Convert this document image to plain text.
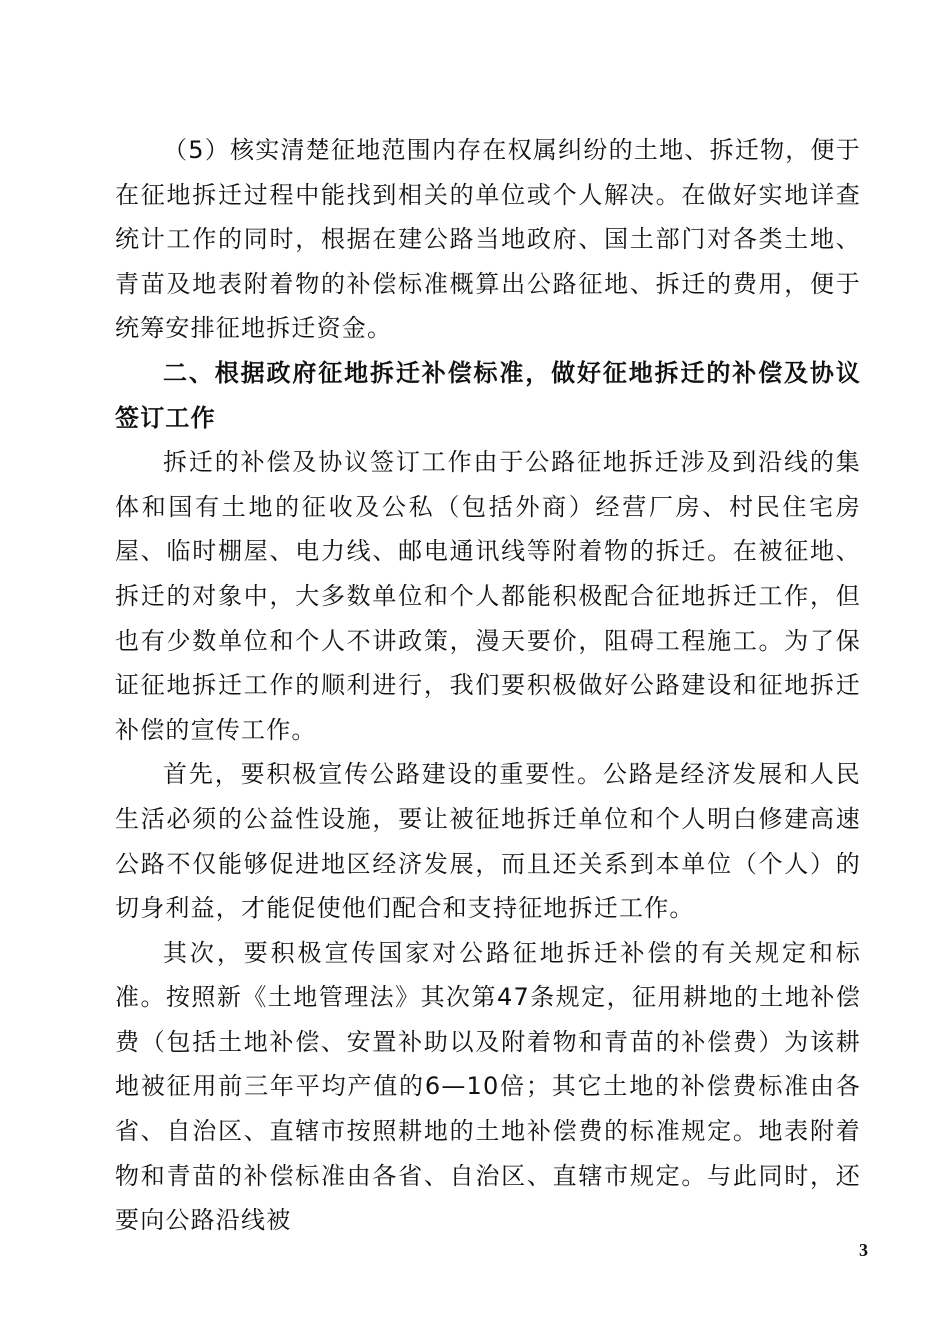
（5）核实清楚征地范围内存在权属纠纷的土地、拆迁物，便于在征地拆迁过程中能找到相关的单位或个人解决。在做好实地详查统计工作的同时，根据在建公路当地政府、国土部门对各类土地、青苗及地表附着物的补偿标准概算出公路征地、拆迁的费用，便于统筹安排征地拆迁资金。

二、根据政府征地拆迁补偿标准，做好征地拆迁的补偿及协议签订工作

拆迁的补偿及协议签订工作由于公路征地拆迁涉及到沿线的集体和国有土地的征收及公私（包括外商）经营厂房、村民住宅房屋、临时棚屋、电力线、邮电通讯线等附着物的拆迁。在被征地、拆迁的对象中，大多数单位和个人都能积极配合征地拆迁工作，但也有少数单位和个人不讲政策，漫天要价，阻碍工程施工。为了保证征地拆迁工作的顺利进行，我们要积极做好公路建设和征地拆迁补偿的宣传工作。

首先，要积极宣传公路建设的重要性。公路是经济发展和人民生活必须的公益性设施，要让被征地拆迁单位和个人明白修建高速公路不仅能够促进地区经济发展，而且还关系到本单位（个人）的切身利益，才能促使他们配合和支持征地拆迁工作。

其次，要积极宣传国家对公路征地拆迁补偿的有关规定和标准。按照新《土地管理法》其次第47条规定，征用耕地的土地补偿费（包括土地补偿、安置补助以及附着物和青苗的补偿费）为该耕地被征用前三年平均产值的6—10倍；其它土地的补偿费标准由各省、自治区、直辖市按照耕地的土地补偿费的标准规定。地表附着物和青苗的补偿标准由各省、自治区、直辖市规定。与此同时，还要向公路沿线被

3
